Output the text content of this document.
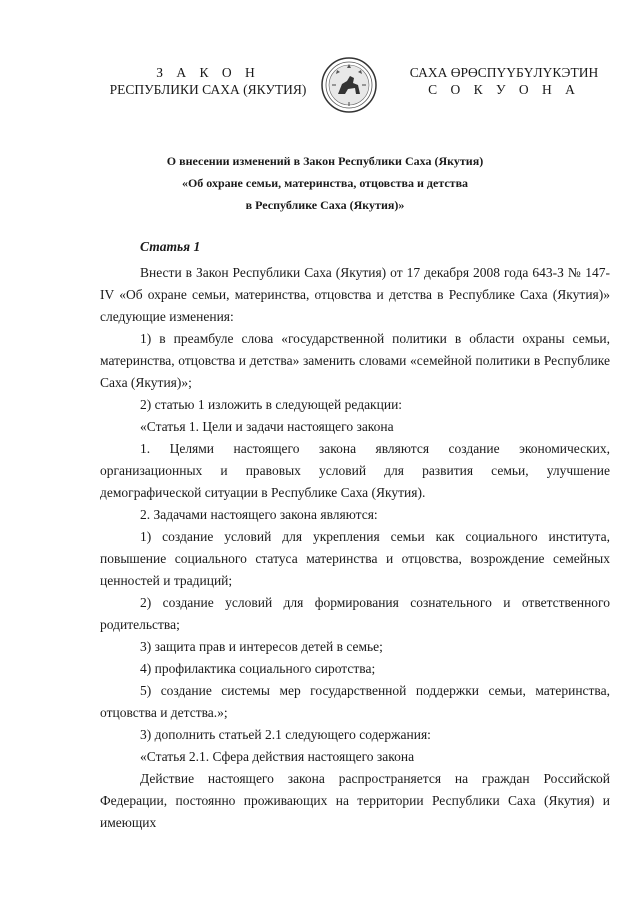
З А К О Н
РЕСПУБЛИКИ САХА (ЯКУТИЯ)
САХА ӨРӨСПҮҮБҮЛҮКЭТИН
С О К У О Н А
О внесении изменений в Закон Республики Саха (Якутия)
«Об охране семьи, материнства, отцовства и детства
в Республике Саха (Якутия)»

Статья 1

Внести в Закон Республики Саха (Якутия) от 17 декабря 2008 года 643-З № 147-IV «Об охране семьи, материнства, отцовства и детства в Республике Саха (Якутия)» следующие изменения:

1) в преамбуле слова «государственной политики в области охраны семьи, материнства, отцовства и детства» заменить словами «семейной политики в Республике Саха (Якутия)»;

2) статью 1 изложить в следующей редакции:

«Статья 1. Цели и задачи настоящего закона

1. Целями настоящего закона являются создание экономических, организационных и правовых условий для развития семьи, улучшение демографической ситуации в Республике Саха (Якутия).

2. Задачами настоящего закона являются:

1) создание условий для укрепления семьи как социального института, повышение социального статуса материнства и отцовства, возрождение семейных ценностей и традиций;

2) создание условий для формирования сознательного и ответственного родительства;

3) защита прав и интересов детей в семье;

4) профилактика социального сиротства;

5) создание системы мер государственной поддержки семьи, материнства, отцовства и детства.»;

3) дополнить статьей 2.1 следующего содержания:

«Статья 2.1. Сфера действия настоящего закона

Действие настоящего закона распространяется на граждан Российской Федерации, постоянно проживающих на территории Республики Саха (Якутия) и имеющих
